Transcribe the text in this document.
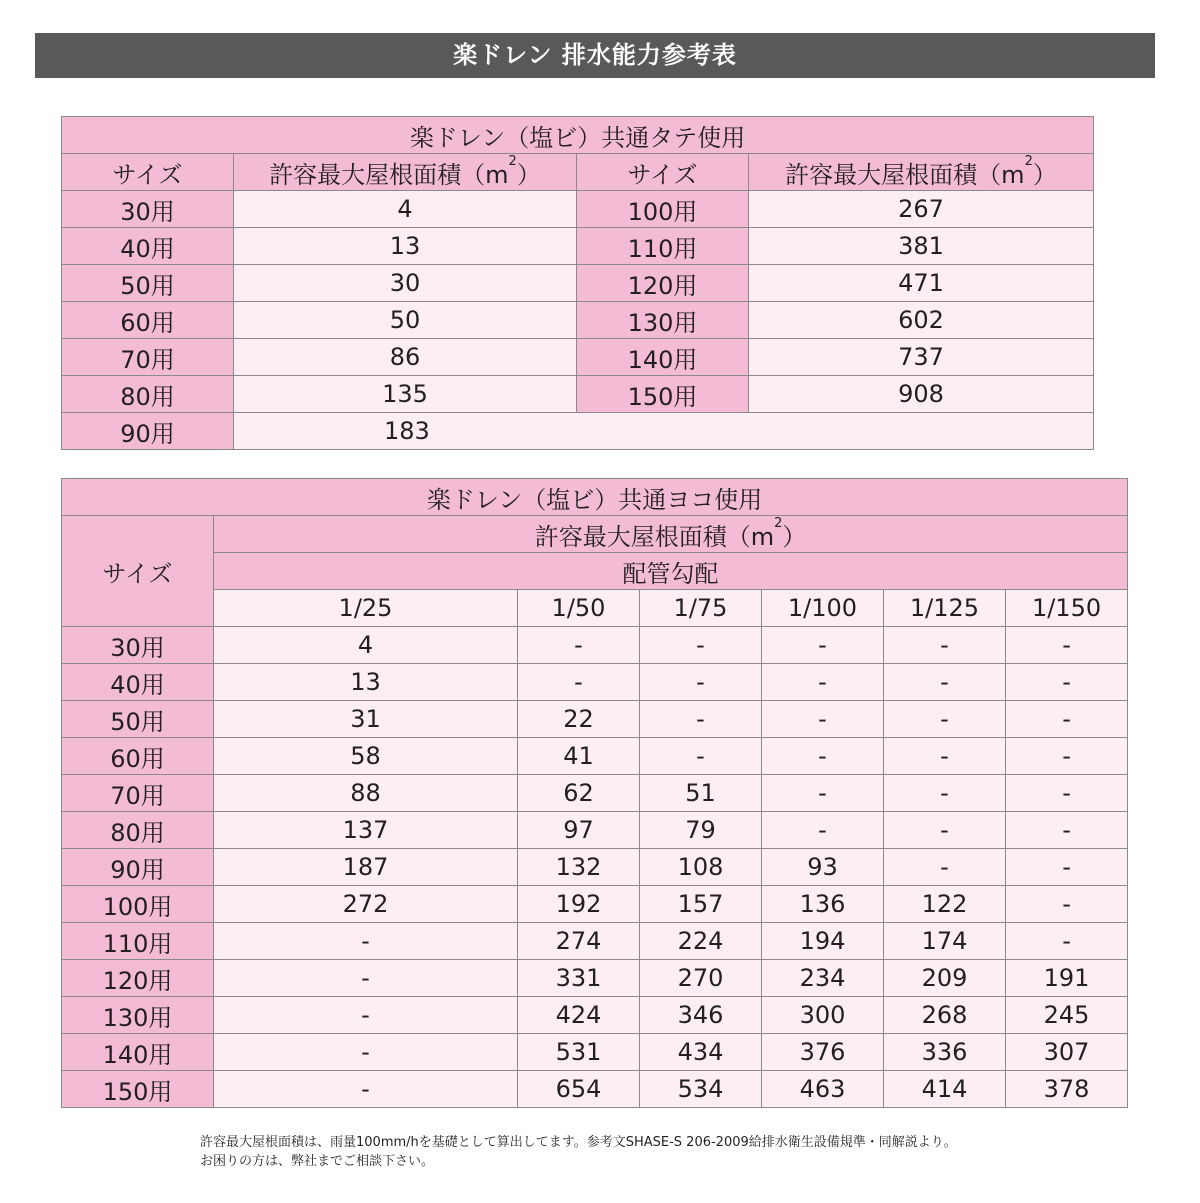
楽ドレン 排水能力参考表
楽ドレン（塩ビ）共通タテ使用			
サイズ	許容最大屋根面積$(m^2)$	サイズ	許容最大屋根面積$(m^2)$
30用	4	100用	267
40用	13	110用	381
50用	30	120用	471
60用	50	130用	602
70用	86	140用	737
80用	135	150用	908
90用	183		
楽ドレン（塩ビ）共通ヨコ使用						
サイズ	許容最大屋根面積$(m^2)$					
	配管勾配					
	1/25	1/50	1/75	1/100	1/125	1/150
30用	4	-	-	-	-	-
40用	13	-	-	-	-	-
50用	31	22	-	-	-	-
60用	58	41	-	-	-	-
70用	88	62	51	-	-	-
80用	137	97	79	-	-	-
90用	187	132	108	93	-	-
100用	272	192	157	136	122	-
110用	-	274	224	194	174	-
120用	-	331	270	234	209	191
130用	-	424	346	300	268	245
140用	-	531	434	376	336	307
150用	-	654	534	463	414	378
許容最大屋根面積は、雨量100mm/hを基礎として算出してます。参考文SHASE-S 206-2009給排水衛生設備規準・同解説より。
お困りの方は、弊社までご相談下さい。
